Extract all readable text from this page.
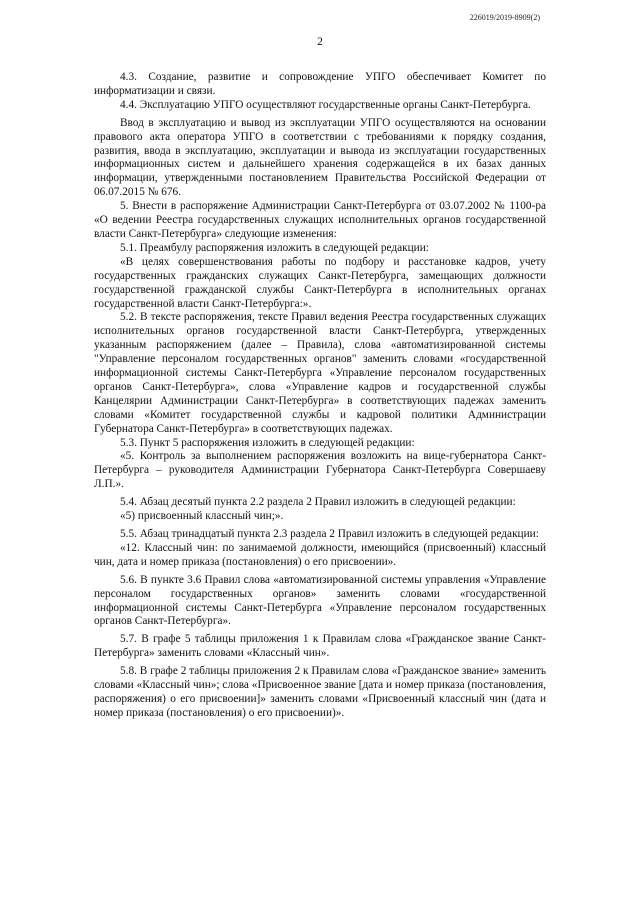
226019/2019-8909(2)
2

4.3. Создание, развитие и сопровождение УПГО обеспечивает Комитет по информатизации и связи.

4.4. Эксплуатацию УПГО осуществляют государственные органы Санкт-Петербурга.

Ввод в эксплуатацию и вывод из эксплуатации УПГО осуществляются на основании правового акта оператора УПГО в соответствии с требованиями к порядку создания, развития, ввода в эксплуатацию, эксплуатации и вывода из эксплуатации государственных информационных систем и дальнейшего хранения содержащейся в их базах данных информации, утвержденными постановлением Правительства Российской Федерации от 06.07.2015 № 676.

5. Внести в распоряжение Администрации Санкт-Петербурга от 03.07.2002 № 1100-ра «О ведении Реестра государственных служащих исполнительных органов государственной власти Санкт-Петербурга» следующие изменения:

5.1. Преамбулу распоряжения изложить в следующей редакции:

«В целях совершенствования работы по подбору и расстановке кадров, учету государственных гражданских служащих Санкт-Петербурга, замещающих должности государственной гражданской службы Санкт-Петербурга в исполнительных органах государственной власти Санкт-Петербурга:».

5.2. В тексте распоряжения, тексте Правил ведения Реестра государственных служащих исполнительных органов государственной власти Санкт-Петербурга, утвержденных указанным распоряжением (далее – Правила), слова «автоматизированной системы "Управление персоналом государственных органов" заменить словами «государственной информационной системы Санкт-Петербурга «Управление персоналом государственных органов Санкт-Петербурга», слова «Управление кадров и государственной службы Канцелярии Администрации Санкт-Петербурга» в соответствующих падежах заменить словами «Комитет государственной службы и кадровой политики Администрации Губернатора Санкт-Петербурга» в соответствующих падежах.

5.3. Пункт 5 распоряжения изложить в следующей редакции:

«5. Контроль за выполнением распоряжения возложить на вице-губернатора Санкт-Петербурга – руководителя Администрации Губернатора Санкт-Петербурга Совершаеву Л.П.».

5.4. Абзац десятый пункта 2.2 раздела 2 Правил изложить в следующей редакции:

«5) присвоенный классный чин;».

5.5. Абзац тринадцатый пункта 2.3 раздела 2 Правил изложить в следующей редакции:

«12. Классный чин: по занимаемой должности, имеющийся (присвоенный) классный чин, дата и номер приказа (постановления) о его присвоении».

5.6. В пункте 3.6 Правил слова «автоматизированной системы управления «Управление персоналом государственных органов» заменить словами «государственной информационной системы Санкт-Петербурга «Управление персоналом государственных органов Санкт-Петербурга».

5.7. В графе 5 таблицы приложения 1 к Правилам слова «Гражданское звание Санкт-Петербурга» заменить словами «Классный чин».

5.8. В графе 2 таблицы приложения 2 к Правилам слова «Гражданское звание» заменить словами «Классный чин»; слова «Присвоенное звание [дата и номер приказа (постановления, распоряжения) о его присвоении]» заменить словами «Присвоенный классный чин (дата и номер приказа (постановления) о его присвоении)».
